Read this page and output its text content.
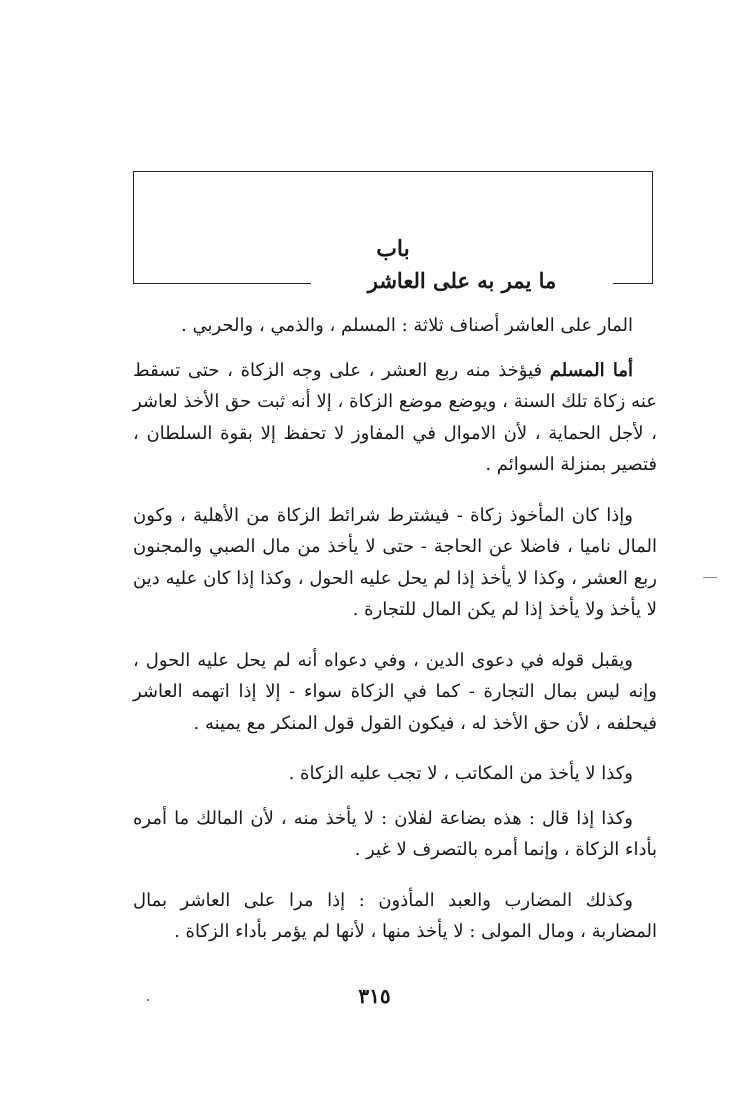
باب
ما يمر به على العاشر

المار على العاشر أصناف ثلاثة : المسلم ، والذمي ، والحربي .

أما المسلم فيؤخذ منه ربع العشر ، على وجه الزكاة ، حتى تسقط عنه زكاة تلك السنة ، ويوضع موضع الزكاة ، إلا أنه ثبت حق الأخذ لعاشر ، لأجل الحماية ، لأن الاموال في المفاوز لا تحفظ إلا بقوة السلطان ، فتصير بمنزلة السوائم .

وإذا كان المأخوذ زكاة - فيشترط شرائط الزكاة من الأهلية ، وكون المال ناميا ، فاضلا عن الحاجة - حتى لا يأخذ من مال الصبي والمجنون ربع العشر ، وكذا لا يأخذ إذا لم يحل عليه الحول ، وكذا إذا كان عليه دين لا يأخذ ولا يأخذ إذا لم يكن المال للتجارة .

ويقبل قوله في دعوى الدين ، وفي دعواه أنه لم يحل عليه الحول ، وإنه ليس بمال التجارة - كما في الزكاة سواء - إلا إذا اتهمه العاشر فيحلفه ، لأن حق الأخذ له ، فيكون القول قول المنكر مع يمينه .

وكذا لا يأخذ من المكاتب ، لا تجب عليه الزكاة .

وكذا إذا قال : هذه بضاعة لفلان : لا يأخذ منه ، لأن المالك ما أمره بأداء الزكاة ، وإنما أمره بالتصرف لا غير .

وكذلك المضارب والعبد المأذون : إذا مرا على العاشر بمال المضاربة ، ومال المولى : لا يأخذ منها ، لأنها لم يؤمر بأداء الزكاة .

٣١٥
